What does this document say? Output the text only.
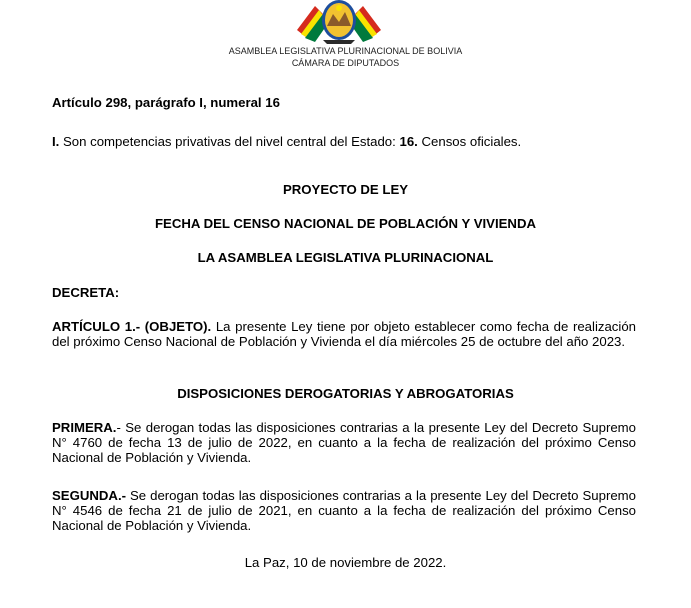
ASAMBLEA LEGISLATIVA PLURINACIONAL DE BOLIVIA
CÁMARA DE DIPUTADOS
Artículo 298, parágrafo I, numeral 16
I. Son competencias privativas del nivel central del Estado: 16. Censos oficiales.
PROYECTO DE LEY
FECHA DEL CENSO NACIONAL DE POBLACIÓN Y VIVIENDA
LA ASAMBLEA LEGISLATIVA PLURINACIONAL
DECRETA:
ARTÍCULO 1.- (OBJETO). La presente Ley tiene por objeto establecer como fecha de realización del próximo Censo Nacional de Población y Vivienda el día miércoles 25 de octubre del año 2023.
DISPOSICIONES DEROGATORIAS Y ABROGATORIAS
PRIMERA.- Se derogan todas las disposiciones contrarias a la presente Ley del Decreto Supremo N° 4760 de fecha 13 de julio de 2022, en cuanto a la fecha de realización del próximo Censo Nacional de Población y Vivienda.
SEGUNDA.- Se derogan todas las disposiciones contrarias a la presente Ley del Decreto Supremo N° 4546 de fecha 21 de julio de 2021, en cuanto a la fecha de realización del próximo Censo Nacional de Población y Vivienda.
La Paz, 10 de noviembre de 2022.
